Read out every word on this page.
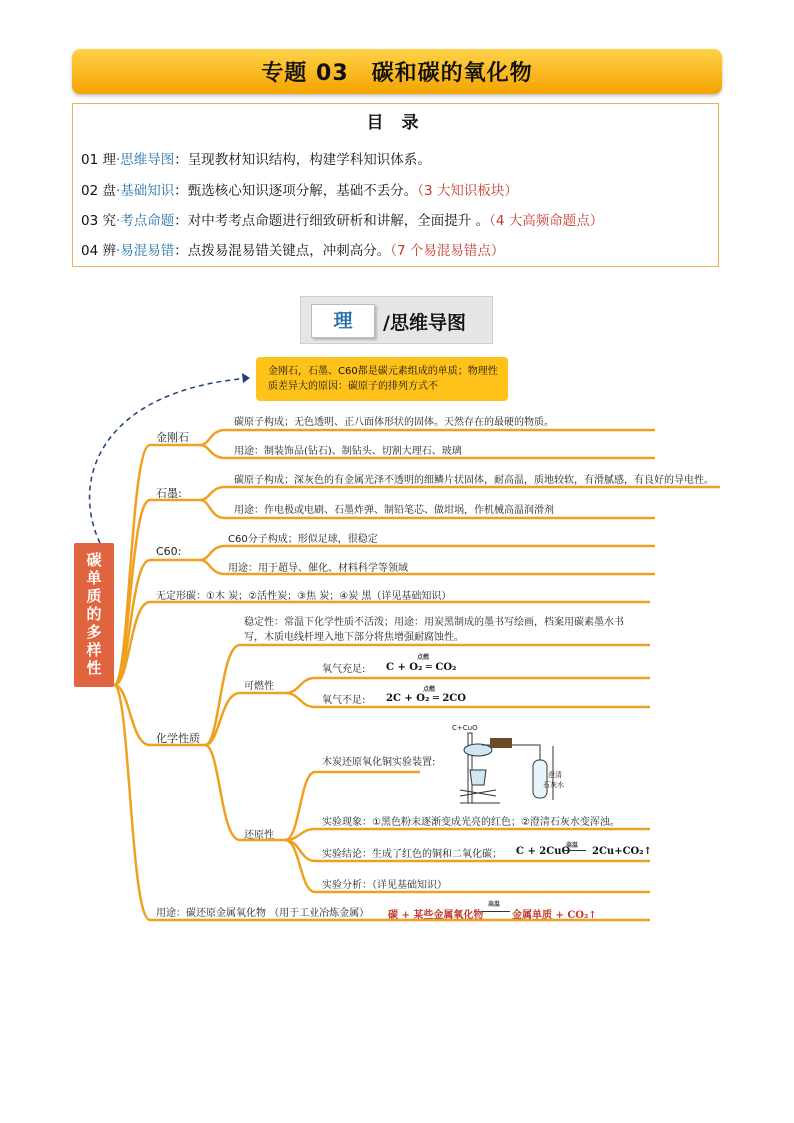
专题 03　碳和碳的氧化物
目 录
01 理·思维导图：呈现教材知识结构，构建学科知识体系。
02 盘·基础知识：甄选核心知识逐项分解，基础不丢分。（3 大知识板块）
03 究·考点命题：对中考考点命题进行细致研析和讲解，全面提升 。（4 大高频命题点）
04 辨·易混易错：点拨易混易错关键点，冲刺高分。（7 个易混易错点）
理	/思维导图
金刚石，石墨、C60都是碳元素组成的单质；物理性质差异大的原因：碳原子的排列方式不
碳单质的多样性
金刚石
碳原子构成；无色透明、正八面体形状的固体。天然存在的最硬的物质。
用途：制装饰品(钻石)、制钻头、切割大理石、玻璃
石墨:
碳原子构成；深灰色的有金属光泽不透明的细鳞片状固体，耐高温，质地较软，有滑腻感，有良好的导电性。
用途：作电极或电刷、石墨炸弹、制铅笔芯、做坩埚，作机械高温润滑剂
C60:
C60分子构成；形似足球，很稳定
用途：用于超导、催化、材料科学等领域
无定形碳：①木 炭；②活性炭；③焦 炭；④炭 黑（详见基础知识）
化学性质
稳定性：常温下化学性质不活泼；用途：用炭黑制成的墨书写绘画，档案用碳素墨水书写，木质电线杆埋入地下部分将焦增强耐腐蚀性。
可燃性
氧气充足: C + O₂ ═ CO₂
点燃
氧气不足: 2C + O₂ ═ 2CO
点燃
还原性
木炭还原氧化铜实验装置:
C+CuO
澄清
石灰水
实验现象：①黑色粉末逐渐变成光亮的红色；②澄清石灰水变浑浊。
实验结论：生成了红色的铜和二氧化碳； C + 2CuO
高温
2Cu+CO₂↑
实验分析：（详见基础知识）
用途：碳还原金属氧化物 （用于工业冶炼金属） 碳 + 某些金属氧化物
高温
金属单质 + CO₂↑
